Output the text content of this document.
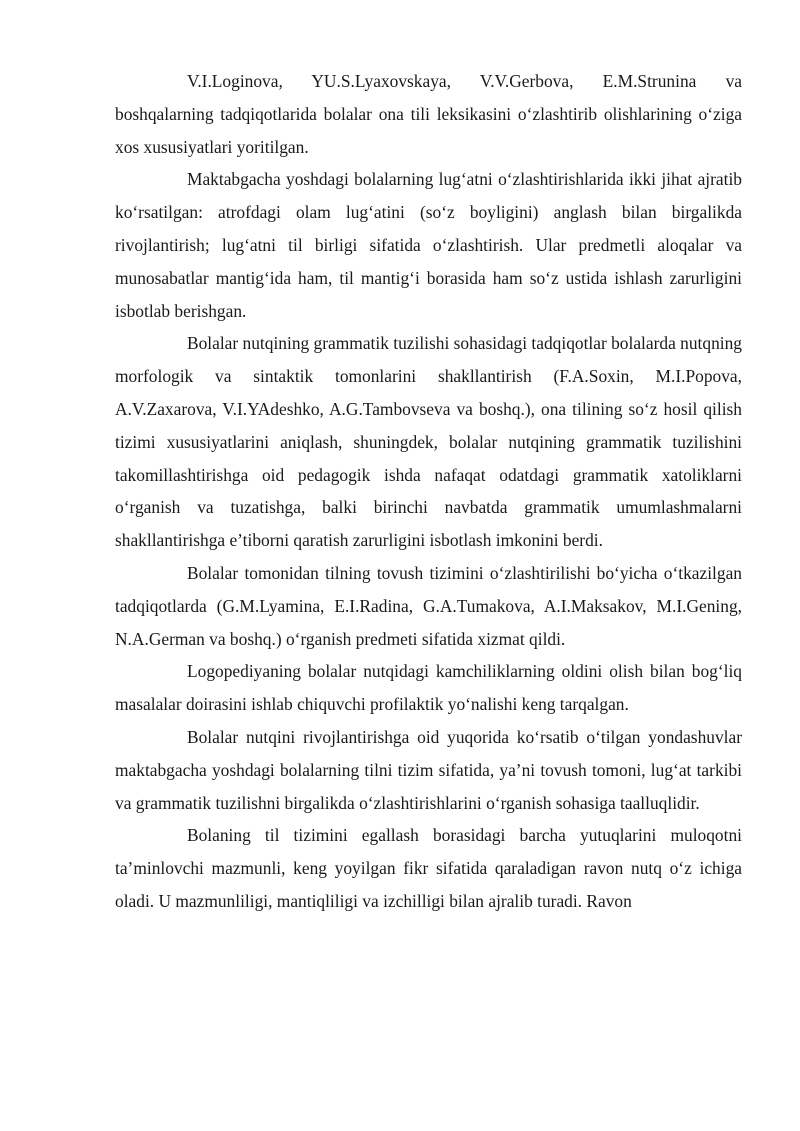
V.I.Loginova, YU.S.Lyaxovskaya, V.V.Gerbova, E.M.Strunina va boshqalarning tadqiqotlarida bolalar ona tili leksikasini o‘zlashtirib olishlarining o‘ziga xos xususiyatlari yoritilgan.

Maktabgacha yoshdagi bolalarning lug‘atni o‘zlashtirishlarida ikki jihat ajratib ko‘rsatilgan: atrofdagi olam lug‘atini (so‘z boyligini) anglash bilan birgalikda rivojlantirish; lug‘atni til birligi sifatida o‘zlashtirish. Ular predmetli aloqalar va munosabatlar mantig‘ida ham, til mantig‘i borasida ham so‘z ustida ishlash zarurligini isbotlab berishgan.

Bolalar nutqining grammatik tuzilishi sohasidagi tadqiqotlar bolalarda nutqning morfologik va sintaktik tomonlarini shakllantirish (F.A.Soxin, M.I.Popova, A.V.Zaxarova, V.I.YAdeshko, A.G.Tambovseva va boshq.), ona tilining so‘z hosil qilish tizimi xususiyatlarini aniqlash, shuningdek, bolalar nutqining grammatik tuzilishini takomillashtirishga oid pedagogik ishda nafaqat odatdagi grammatik xatoliklarni o‘rganish va tuzatishga, balki birinchi navbatda grammatik umumlashmalarni shakllantirishga e’tiborni qaratish zarurligini isbotlash imkonini berdi.

Bolalar tomonidan tilning tovush tizimini o‘zlashtirilishi bo‘yicha o‘tkazilgan tadqiqotlarda (G.M.Lyamina, E.I.Radina, G.A.Tumakova, A.I.Maksakov, M.I.Gening, N.A.German va boshq.) o‘rganish predmeti sifatida xizmat qildi.

Logopediyaning bolalar nutqidagi kamchiliklarning oldini olish bilan bog‘liq masalalar doirasini ishlab chiquvchi profilaktik yo‘nalishi keng tarqalgan.

Bolalar nutqini rivojlantirishga oid yuqorida ko‘rsatib o‘tilgan yondashuvlar maktabgacha yoshdagi bolalarning tilni tizim sifatida, ya’ni tovush tomoni, lug‘at tarkibi va grammatik tuzilishni birgalikda o‘zlashtirishlarini o‘rganish sohasiga taalluqlidir.

Bolaning til tizimini egallash borasidagi barcha yutuqlarini muloqotni ta’minlovchi mazmunli, keng yoyilgan fikr sifatida qaraladigan ravon nutq o‘z ichiga oladi. U mazmunliligi, mantiqliligi va izchilligi bilan ajralib turadi. Ravon
